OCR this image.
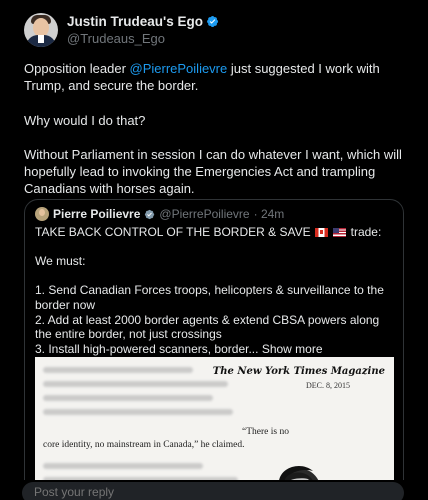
Justin Trudeau's Ego
@Trudeaus_Ego

Opposition leader @PierrePoilievre just suggested I work with Trump, and secure the border.

Why would I do that?

Without Parliament in session I can do whatever I want, which will hopefully lead to invoking the Emergencies Act and trampling Canadians with horses again.

Pierre Poilievre @PierrePoilievre · 24m
TAKE BACK CONTROL OF THE BORDER & SAVE	trade:
We must:
1. Send Canadian Forces troops, helicopters & surveillance to the border now
2. Add at least 2000 border agents & extend CBSA powers along the entire border, not just crossings
3. Install high-powered scanners, border... Show more
The New York Times Magazine
DEC. 8, 2015
“There is no
core identity, no mainstream in Canada,” he claimed.
Post your reply
